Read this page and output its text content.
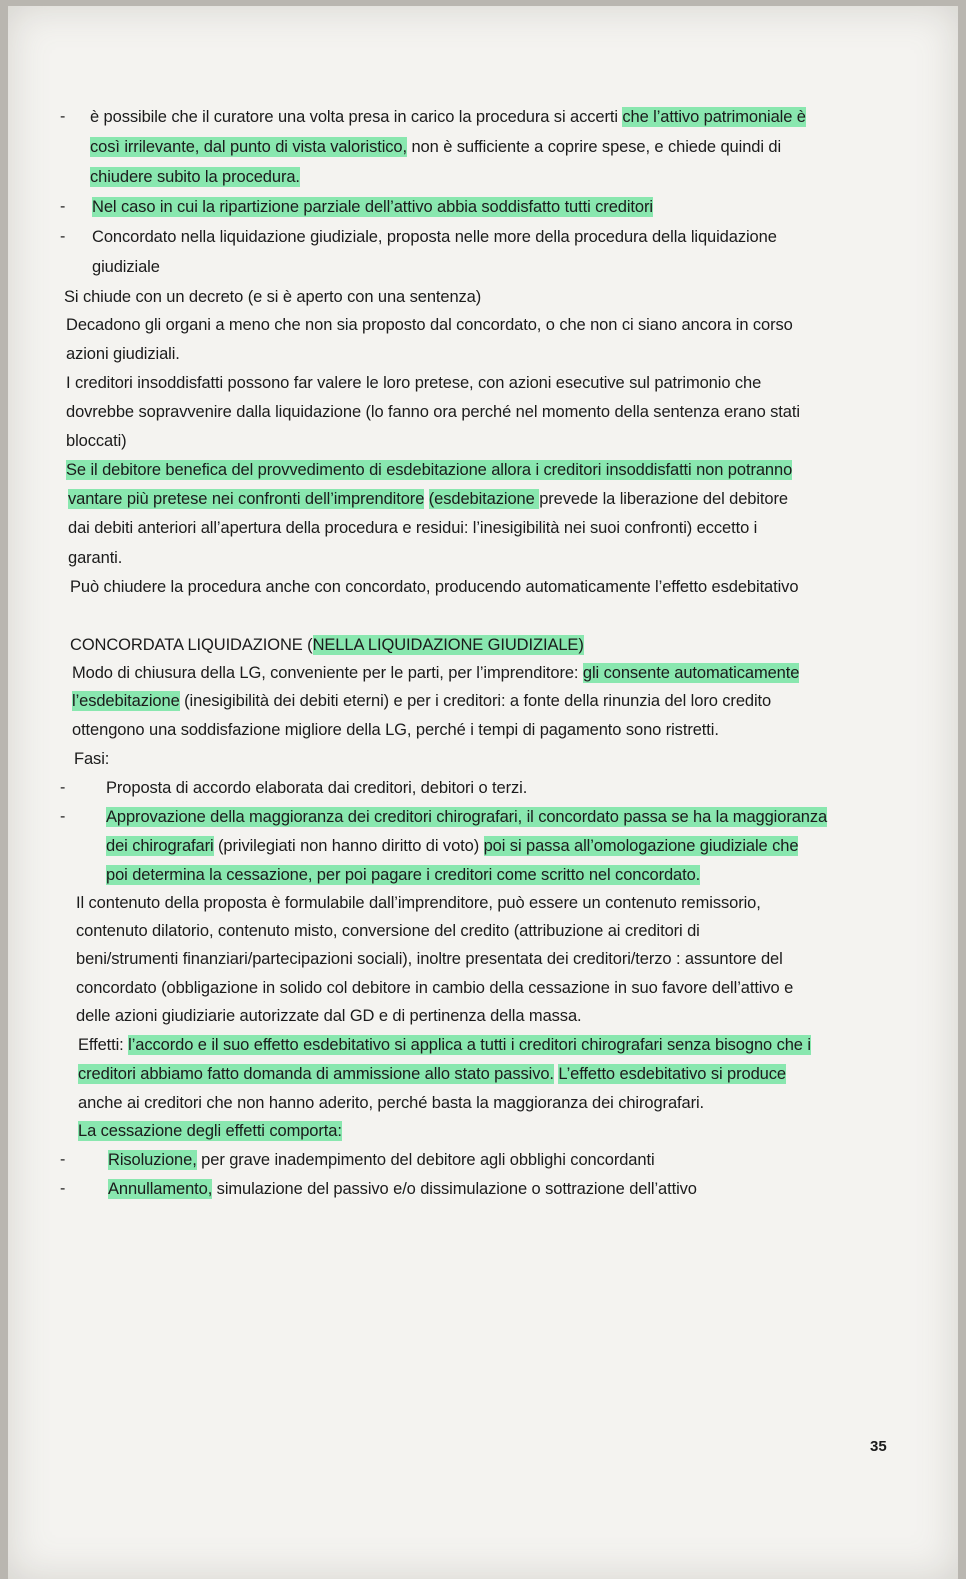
- è possibile che il curatore una volta presa in carico la procedura si accerti che l’attivo patrimoniale è
così irrilevante, dal punto di vista valoristico, non è sufficiente a coprire spese, e chiede quindi di
chiudere subito la procedura.
- Nel caso in cui la ripartizione parziale dell’attivo abbia soddisfatto tutti creditori
- Concordato nella liquidazione giudiziale, proposta nelle more della procedura della liquidazione
giudiziale
Si chiude con un decreto (e si è aperto con una sentenza)
Decadono gli organi a meno che non sia proposto dal concordato, o che non ci siano ancora in corso
azioni giudiziali.
I creditori insoddisfatti possono far valere le loro pretese, con azioni esecutive sul patrimonio che
dovrebbe sopravvenire dalla liquidazione (lo fanno ora perché nel momento della sentenza erano stati
bloccati)
Se il debitore benefica del provvedimento di esdebitazione allora i creditori insoddisfatti non potranno
vantare più pretese nei confronti dell’imprenditore (esdebitazione prevede la liberazione del debitore
dai debiti anteriori all’apertura della procedura e residui: l’inesigibilità nei suoi confronti) eccetto i
garanti.
Può chiudere la procedura anche con concordato, producendo automaticamente l’effetto esdebitativo
CONCORDATA LIQUIDAZIONE (NELLA LIQUIDAZIONE GIUDIZIALE)
Modo di chiusura della LG, conveniente per le parti, per l’imprenditore: gli consente automaticamente
l’esdebitazione (inesigibilità dei debiti eterni) e per i creditori: a fonte della rinunzia del loro credito
ottengono una soddisfazione migliore della LG, perché i tempi di pagamento sono ristretti.
Fasi:
- Proposta di accordo elaborata dai creditori, debitori o terzi.
- Approvazione della maggioranza dei creditori chirografari, il concordato passa se ha la maggioranza
dei chirografari (privilegiati non hanno diritto di voto) poi si passa all’omologazione giudiziale che
poi determina la cessazione, per poi pagare i creditori come scritto nel concordato.
Il contenuto della proposta è formulabile dall’imprenditore, può essere un contenuto remissorio,
contenuto dilatorio, contenuto misto, conversione del credito (attribuzione ai creditori di
beni/strumenti finanziari/partecipazioni sociali), inoltre presentata dei creditori/terzo : assuntore del
concordato (obbligazione in solido col debitore in cambio della cessazione in suo favore dell’attivo e
delle azioni giudiziarie autorizzate dal GD e di pertinenza della massa.
Effetti: l’accordo e il suo effetto esdebitativo si applica a tutti i creditori chirografari senza bisogno che i
creditori abbiamo fatto domanda di ammissione allo stato passivo. L’effetto esdebitativo si produce
anche ai creditori che non hanno aderito, perché basta la maggioranza dei chirografari.
La cessazione degli effetti comporta:
-	Risoluzione, per grave inadempimento del debitore agli obblighi concordanti
-	Annullamento, simulazione del passivo e/o dissimulazione o sottrazione dell’attivo
35
